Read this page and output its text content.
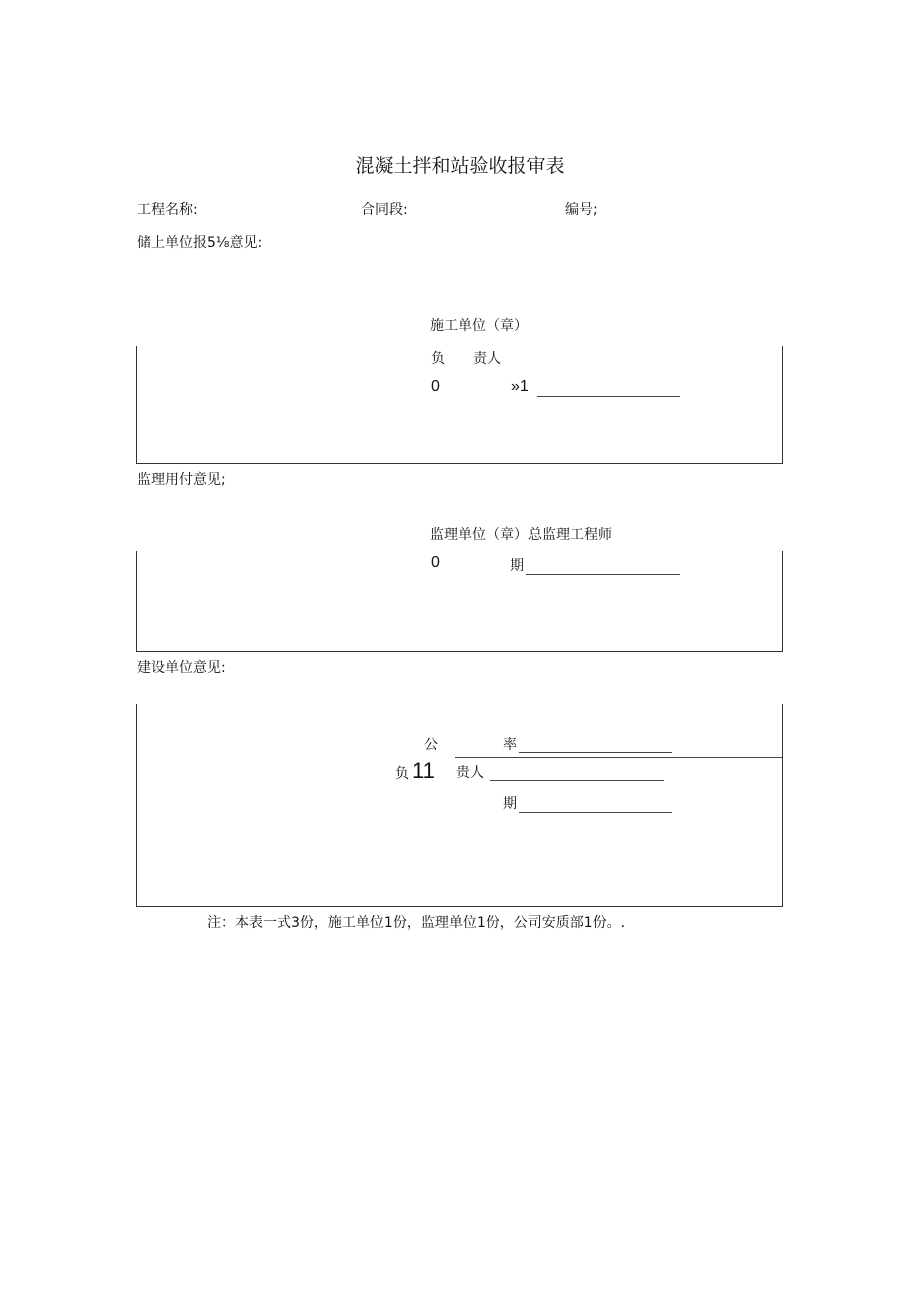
混凝土拌和站验收报审表
工程名称:	合同段:	编号;
储上单位报5⅛意见:
施工单位（章）
负 责人
0	»1
监理用付意见;
监理单位（章）总监理工程师
0	期
建设单位意见:
公	率
负 11 贵人
期
注：本表一式3份，施工单位1份，监理单位1份，公司安质部1份。.
